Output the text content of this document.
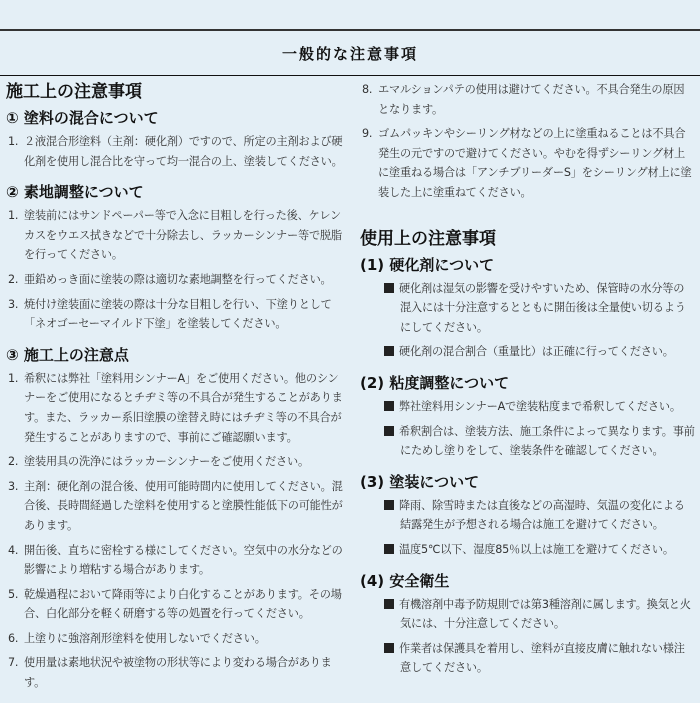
一般的な注意事項
施工上の注意事項
① 塗料の混合について
1. ２液混合形塗料（主剤：硬化剤）ですので、所定の主剤および硬化剤を使用し混合比を守って均一混合の上、塗装してください。
② 素地調整について
1. 塗装前にはサンドペーパー等で入念に目粗しを行った後、ケレンカスをウエス拭きなどで十分除去し、ラッカーシンナー等で脱脂を行ってください。
2. 亜鉛めっき面に塗装の際は適切な素地調整を行ってください。
3. 焼付け塗装面に塗装の際は十分な目粗しを行い、下塗りとして「ネオゴーセーマイルド下塗」を塗装してください。
③ 施工上の注意点
1. 希釈には弊社「塗料用シンナーA」をご使用ください。他のシンナーをご使用になるとチヂミ等の不具合が発生することがあります。また、ラッカー系旧塗膜の塗替え時にはチヂミ等の不具合が発生することがありますので、事前にご確認願います。
2. 塗装用具の洗浄にはラッカーシンナーをご使用ください。
3. 主剤：硬化剤の混合後、使用可能時間内に使用してください。混合後、長時間経過した塗料を使用すると塗膜性能低下の可能性があります。
4. 開缶後、直ちに密栓する様にしてください。空気中の水分などの影響により増粘する場合があります。
5. 乾燥過程において降雨等により白化することがあります。その場合、白化部分を軽く研磨する等の処置を行ってください。
6. 上塗りに強溶剤形塗料を使用しないでください。
7. 使用量は素地状況や被塗物の形状等により変わる場合があります。
8. エマルションパテの使用は避けてください。不具合発生の原因となります。
9. ゴムパッキンやシーリング材などの上に塗重ねることは不具合発生の元ですので避けてください。やむを得ずシーリング材上に塗重ねる場合は「アンチブリーダーS」をシーリング材上に塗装した上に塗重ねてください。
使用上の注意事項
(1) 硬化剤について
硬化剤は湿気の影響を受けやすいため、保管時の水分等の混入には十分注意するとともに開缶後は全量使い切るようにしてください。
硬化剤の混合割合（重量比）は正確に行ってください。
(2) 粘度調整について
弊社塗料用シンナーAで塗装粘度まで希釈してください。
希釈割合は、塗装方法、施工条件によって異なります。事前にためし塗りをして、塗装条件を確認してください。
(3) 塗装について
降雨、除雪時または直後などの高湿時、気温の変化による結露発生が予想される場合は施工を避けてください。
温度5℃以下、湿度85％以上は施工を避けてください。
(4) 安全衛生
有機溶剤中毒予防規則では第3種溶剤に属します。換気と火気には、十分注意してください。
作業者は保護具を着用し、塗料が直接皮膚に触れない様注意してください。
